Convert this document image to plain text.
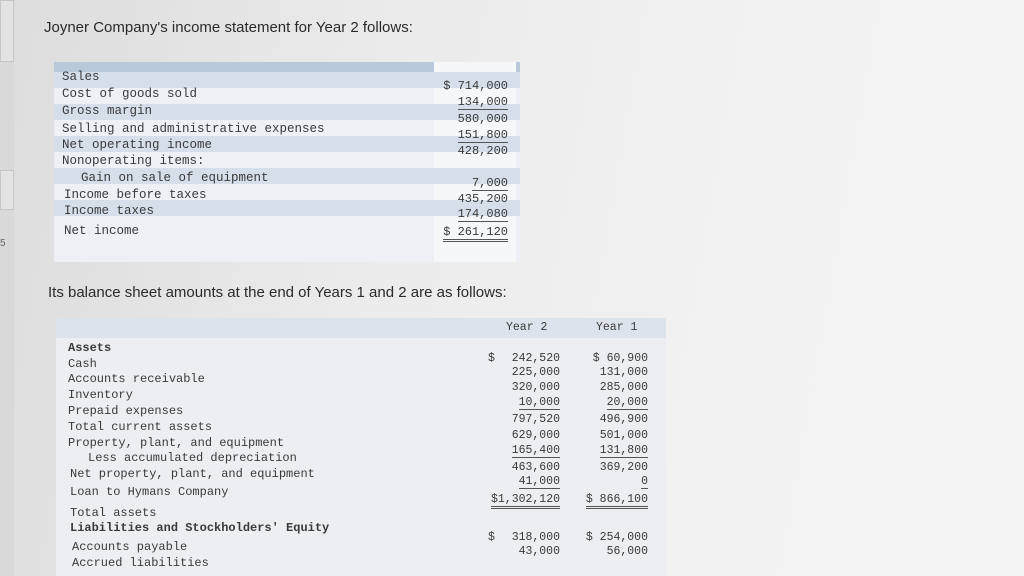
5
Joyner Company's income statement for Year 2 follows:
Sales
Cost of goods sold
Gross margin
Selling and administrative expenses
Net operating income
Nonoperating items:
Gain on sale of equipment
Income before taxes
Income taxes
Net income
$ 714,000
134,000
580,000
151,800
428,200
7,000
435,200
174,080
$ 261,120
Its balance sheet amounts at the end of Years 1 and 2 are as follows:
Year 2	Year 1
Assets
Cash
Accounts receivable
Inventory
Prepaid expenses
Total current assets
Property, plant, and equipment
Less accumulated depreciation
Net property, plant, and equipment
Loan to Hymans Company
Total assets
Liabilities and Stockholders' Equity
Accounts payable
Accrued liabilities
$ 242,520
225,000
320,000
10,000
797,520
629,000
165,400
463,600
41,000
$1,302,120
$ 318,000
43,000
$ 60,900
131,000
285,000
20,000
496,900
501,000
131,800
369,200
0
$ 866,100
$ 254,000
56,000
